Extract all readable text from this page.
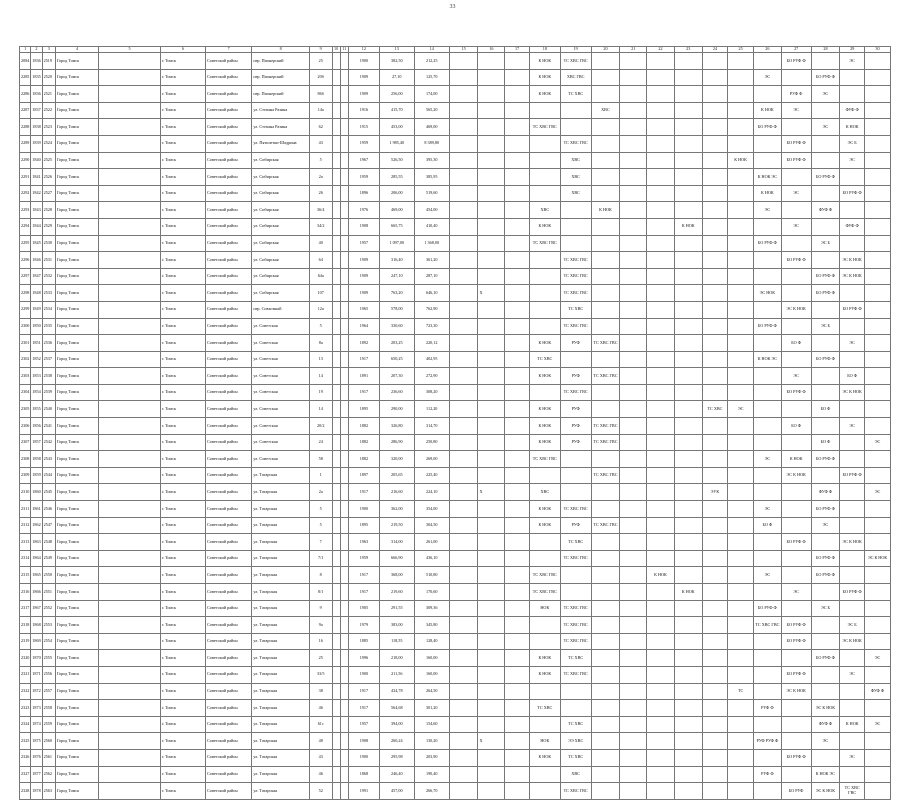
33
1	2	3	4	5	6	7	8	9	10	11	12	13	14	15	16	17	18	19	20	21	22	23	24	25	26	27	28	29	30
2084	1836	2519	Город Томск		г. Томск	Советский район	пер. Пионерский	25			1900	382,50	212,25				К НОК	ТС ХВС ГВС								БО РУФ Ф		ЭС	
2285	1835	2520	Город Томск		г. Томск	Советский район	пер. Пионерский	20б			1909	27,10	125,70				К НОК	ХВС ГВС							ЭС		БО РУФ Ф		
2286	1836	2521	Город Томск		г. Томск	Советский район	пер. Пионерский	86б			1909	256,00	174,00				К НОК	ТС ХВС								РУФ Ф	ЭС		
2287	1837	2522	Город Томск		г. Томск	Советский район	ул. Степана Разина	14а			1916	415,70	565,20						ХВС						К НОК	ЭС		ФУФ Ф	
2288	1838	2523	Город Томск		г. Томск	Советский район	ул. Степана Разина	62			1915	453,00	469,00				ТС ХВС ГВС								БО РУФ Ф		ЭС	К НОК	
2289	1839	2524	Город Томск		г. Томск	Советский район	ул. Пятилетки-Шадрина	43			1959	1 985,40	8 389,80					ТС ХВС ГВС								БО РУФ Ф		ЭС Б	
2290	1840	2525	Город Томск		г. Томск	Советский район	ул. Сибирская	5			1967	526,50	395,30					ХВС						К НОК		БО РУФ Ф		ЭС	
2291	1841	2526	Город Томск		г. Томск	Советский район	ул. Сибирская	2а			1959	285,55	385,95					ХВС							К НОК ЭС		БО РУФ Ф		
2292	1842	2527	Город Томск		г. Томск	Советский район	ул. Сибирская	26			1896	206,00	519,60					ХВС							К НОК	ЭС		БО РУФ Ф	
2293	1843	2528	Город Томск		г. Томск	Советский район	ул. Сибирская	36/4			1976	469,00	454,00				ХВС		К НОК						ЭС		ФУФ Ф		
2294	1844	2529	Город Томск		г. Томск	Советский район	ул. Сибирская	34/2			1908	665,75	410,40				К НОК					К НОК				ЭС		ФУФ Ф	
2295	1845	2530	Город Томск		г. Томск	Советский район	ул. Сибирская	40			1957	1 097,00	1 368,00				ТС ХВС ГВС								БО РУФ Ф		ЭС Б		
2296	1846	2531	Город Томск		г. Томск	Советский район	ул. Сибирская	64			1909	316,40	361,20					ТС ХВС ГВС								БО РУФ Ф		ЭС К НОК	
2297	1847	2532	Город Томск		г. Томск	Советский район	ул. Сибирская	64а			1909	247,10	287,10					ТС ХВС ГВС									БО РУФ Ф	ЭС К НОК	
2298	1848	2533	Город Томск		г. Томск	Советский район	ул. Сибирская	107			1909	763,20	646,10		X			ТС ХВС ГВС							ЭС НОК		БО РУФ Ф		
2299	1849	2534	Город Томск		г. Томск	Советский район	пер. Совхозный	12а			1965	578,00	762,90					ТС ХВС								ЭС К НОК		БО РУФ Ф	
2300	1850	2535	Город Томск		г. Томск	Советский район	ул. Советская	5			1964	330,60	723,30					ТС ХВС ГВС							БО РУФ Ф		ЭС Б		
2301	1851	2536	Город Томск		г. Томск	Советский район	ул. Советская	8а			1892	203,25	220,12				К НОК	РУФ	ТС ХВС ГВС							БО Ф		ЭС	
2302	1852	2537	Город Томск		г. Томск	Советский район	ул. Советская	13			1917	650,25	402,95				ТС ХВС								К НОК ЭС		БО РУФ Ф		
2303	1853	2538	Город Томск		г. Томск	Советский район	ул. Советская	14			1891	207,30	272,90				К НОК	РУФ	ТС ХВС ГВС							ЭС		БО Ф	
2304	1854	2539	Город Томск		г. Томск	Советский район	ул. Советская	19			1917	236,60	308,20					ТС ХВС ГВС								БО РУФ Ф		ЭС К НОК	
2305	1855	2540	Город Томск		г. Томск	Советский район	ул. Советская	14			1895	290,00	112,20				К НОК	РУФ					ТС ХВС	ЭС			БО Ф		
2306	1856	2541	Город Томск		г. Томск	Советский район	ул. Советская	20/2			1882	326,80	314,70				К НОК	РУФ	ТС ХВС ГВС							БО Ф		ЭС	
2307	1857	2542	Город Томск		г. Томск	Советский район	ул. Советская	24			1882	286,90	250,80				К НОК	РУФ	ТС ХВС ГВС								БО Ф		ЭС
2308	1858	2543	Город Томск		г. Томск	Советский район	ул. Советская	58			1882	320,00	269,00				ТС ХВС ГВС								ЭС	К НОК	БО РУФ Ф		
2309	1859	2544	Город Томск		г. Томск	Советский район	ул. Татарская	1			1897	205,65	225,40						ТС ХВС ГВС							ЭС К НОК		БО РУФ Ф	
2310	1860	2545	Город Томск		г. Томск	Советский район	ул. Татарская	2а			1917	216,60	224,10		X		ХВС						ЭУК				ФУФ Ф		ЭС
2311	1861	2546	Город Томск		г. Томск	Советский район	ул. Татарская	5			1900	362,00	354,00				К НОК	ТС ХВС ГВС							ЭС		БО РУФ Ф		
2312	1862	2547	Город Томск		г. Томск	Советский район	ул. Татарская	5			1895	219,50	304,50				К НОК	РУФ	ТС ХВС ГВС						БО Ф		ЭС		
2313	1863	2548	Город Томск		г. Томск	Советский район	ул. Татарская	7			1963	314,00	261,00					ТС ХВС								БО РУФ Ф		ЭС К НОК	
2314	1864	2549	Город Томск		г. Томск	Советский район	ул. Татарская	7/1			1959	666,90	436,10					ТС ХВС ГВС									БО РУФ Ф		ЭС К НОК
2315	1865	2550	Город Томск		г. Томск	Советский район	ул. Татарская	8			1917	368,00	510,80				ТС ХВС ГВС				К НОК				ЭС		БО РУФ Ф		
2316	1866	2551	Город Томск		г. Томск	Советский район	ул. Татарская	8/1			1917	219,60	170,60				ТС ХВС ГВС					К НОК				ЭС		БО РУФ Ф	
2317	1867	2552	Город Томск		г. Томск	Советский район	ул. Татарская	9			1905	291,55	309,36				НОК	ТС ХВС ГВС							БО РУФ Ф		ЭС Б		
2318	1868	2553	Город Томск		г. Томск	Советский район	ул. Татарская	9а			1979	383,00	345,80					ТС ХВС ГВС							ТС ХВС ГВС	БО РУФ Ф		ЭС Б	
2319	1869	2554	Город Томск		г. Томск	Советский район	ул. Татарская	16			1885	118,55	128,40					ТС ХВС ГВС								БО РУФ Ф		ЭС К НОК	
2320	1870	2555	Город Томск		г. Томск	Советский район	ул. Татарская	25			1996	218,00	160,00				К НОК	ТС ХВС									БО РУФ Ф		ЭС
2321	1871	2556	Город Томск		г. Томск	Советский район	ул. Татарская	33/5			1900	211,56	160,00				К НОК	ТС ХВС ГВС								БО РУФ Ф		ЭС	
2322	1872	2557	Город Томск		г. Томск	Советский район	ул. Татарская	38			1917	434,78	264,50											ТС		ЭС К НОК			ФУФ Ф
2323	1873	2558	Город Томск		г. Томск	Советский район	ул. Татарская	46			1917	564,68	301,20				ТС ХВС								РУФ Ф		ЭС К НОК		
2324	1874	2559	Город Томск		г. Томск	Советский район	ул. Татарская	61с			1957	394,00	154,60					ТС ХВС									ФУФ Ф	К НОК	ЭС
2325	1875	2560	Город Томск		г. Томск	Советский район	ул. Татарская	48			1908	260,24	130,20		X		НОК	ЭЭ ХВС							РУФ РУФ Ф		ЭС		
2326	1876	2561	Город Томск		г. Томск	Советский район	ул. Татарская	43			1900	295,98	203,90				К НОК	ТС ХВС								БО РУФ Ф		ЭС	
2327	1877	2562	Город Томск		г. Томск	Советский район	ул. Татарская	46			1868	246,40	190,40					ХВС							РУФ Ф		К НОК ЭС		
2328	1878	2563	Город Томск		г. Томск	Советский район	ул. Татарская	52			1991	457,00	266,70					ТС ХВС ГВС								БО РУФ	ЭС К НОК	ТС ХВС ГВС	
